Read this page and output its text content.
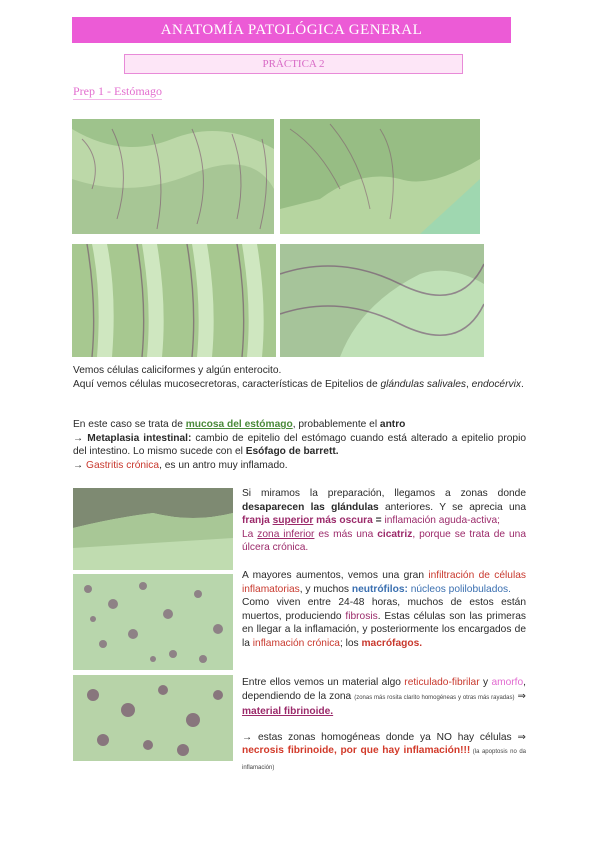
ANATOMÍA PATOLÓGICA GENERAL
PRÁCTICA 2
Prep 1 - Estómago
Vemos células caliciformes y algún enterocito.
Aquí vemos células mucosecretoras, características de Epitelios de glándulas salivales, endocérvix.
En este caso se trata de mucosa del estómago, probablemente el antro
→ Metaplasia intestinal: cambio de epitelio del estómago cuando está alterado a epitelio propio del intestino. Lo mismo sucede con el Esófago de barrett.
→ Gastritis crónica, es un antro muy inflamado.
Si miramos la preparación, llegamos a zonas donde desaparecen las glándulas anteriores. Y se aprecia una franja superior más oscura = inflamación aguda-activa;
La zona inferior es más una cicatriz, porque se trata de una úlcera crónica.
A mayores aumentos, vemos una gran infiltración de células inflamatorias, y muchos neutrófilos: núcleos polilobulados.
Como viven entre 24-48 horas, muchos de estos están muertos, produciendo fibrosis. Estas células son las primeras en llegar a la inflamación, y posteriormente los encargados de la inflamación crónica; los macrófagos.
Entre ellos vemos un material algo reticulado-fibrilar y amorfo, dependiendo de la zona (zonas más rosita clarito homogéneas y otras más rayadas) ⇒ material fibrinoide.
→ estas zonas homogéneas donde ya NO hay células ⇒ necrosis fibrinoide, por que hay inflamación!!! (la apoptosis no da inflamación)
